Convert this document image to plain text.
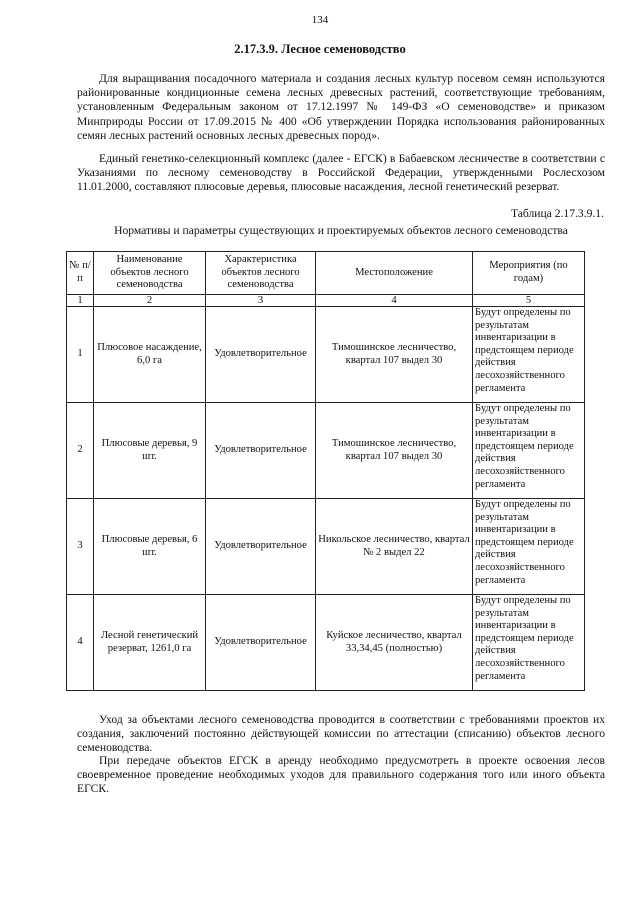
134
2.17.3.9. Лесное семеноводство

Для выращивания посадочного материала и создания лесных культур посевом семян используются районированные кондиционные семена лесных древесных растений, соответствующие требованиям, установленным Федеральным законом от 17.12.1997 № 149-ФЗ «О семеноводстве» и приказом Минприроды России от 17.09.2015 № 400 «Об утверждении Порядка использования районированных семян лесных растений основных лесных древесных пород».

Единый генетико-селекционный комплекс (далее - ЕГСК) в Бабаевском лесничестве в соответствии с Указаниями по лесному семеноводству в Российской Федерации, утвержденными Рослесхозом 11.01.2000, составляют плюсовые деревья, плюсовые насаждения, лесной генетический резерват.

Таблица 2.17.3.9.1.
Нормативы и параметры существующих и проектируемых объектов лесного семеноводства
№ п/п	Наименование объектов лесного семеноводства	Характеристика объектов лесного семеноводства	Местоположение	Мероприятия (по годам)
1	2	3	4	5
1	Плюсовое насаждение, 6,0 га	Удовлетворительное	Тимошинское лесничество, квартал 107 выдел 30	Будут определены по результатам инвентаризации в предстоящем периоде действия лесохозяйственного регламента
2	Плюсовые деревья, 9 шт.	Удовлетворительное	Тимошинское лесничество, квартал 107 выдел 30	Будут определены по результатам инвентаризации в предстоящем периоде действия лесохозяйственного регламента
3	Плюсовые деревья, 6 шт.	Удовлетворительное	Никольское лесничество, квартал № 2 выдел 22	Будут определены по результатам инвентаризации в предстоящем периоде действия лесохозяйственного регламента
4	Лесной генетический резерват, 1261,0 га	Удовлетворительное	Куйское лесничество, квартал 33,34,45 (полностью)	Будут определены по результатам инвентаризации в предстоящем периоде действия лесохозяйственного регламента

Уход за объектами лесного семеноводства проводится в соответствии с требованиями проектов их создания, заключений постоянно действующей комиссии по аттестации (списанию) объектов лесного семеноводства.

При передаче объектов ЕГСК в аренду необходимо предусмотреть в проекте освоения лесов своевременное проведение необходимых уходов для правильного содержания того или иного объекта ЕГСК.
